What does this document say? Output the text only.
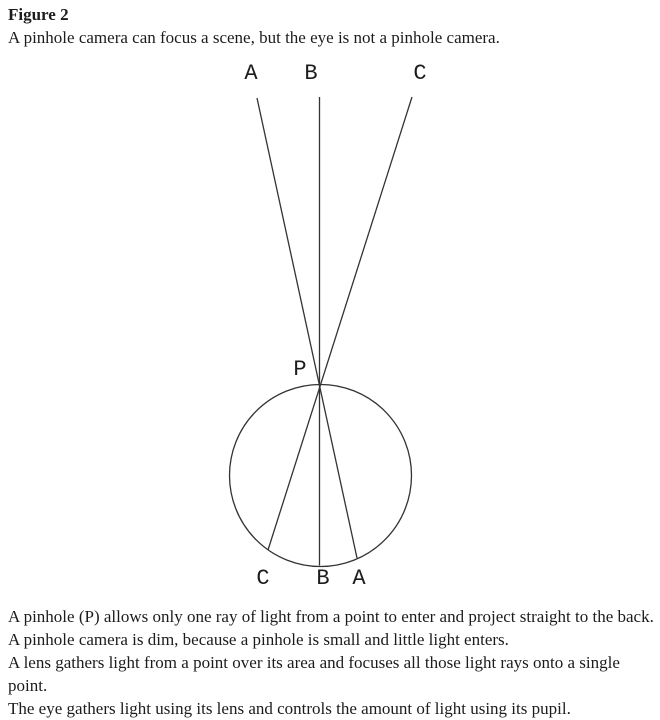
Figure 2
A pinhole camera can focus a scene, but the eye is not a pinhole camera.
A	B	C
P
C	B	A
A pinhole (P) allows only one ray of light from a point to enter and project straight to the back.
A pinhole camera is dim, because a pinhole is small and little light enters.
A lens gathers light from a point over its area and focuses all those light rays onto a single point.
The eye gathers light using its lens and controls the amount of light using its pupil.
